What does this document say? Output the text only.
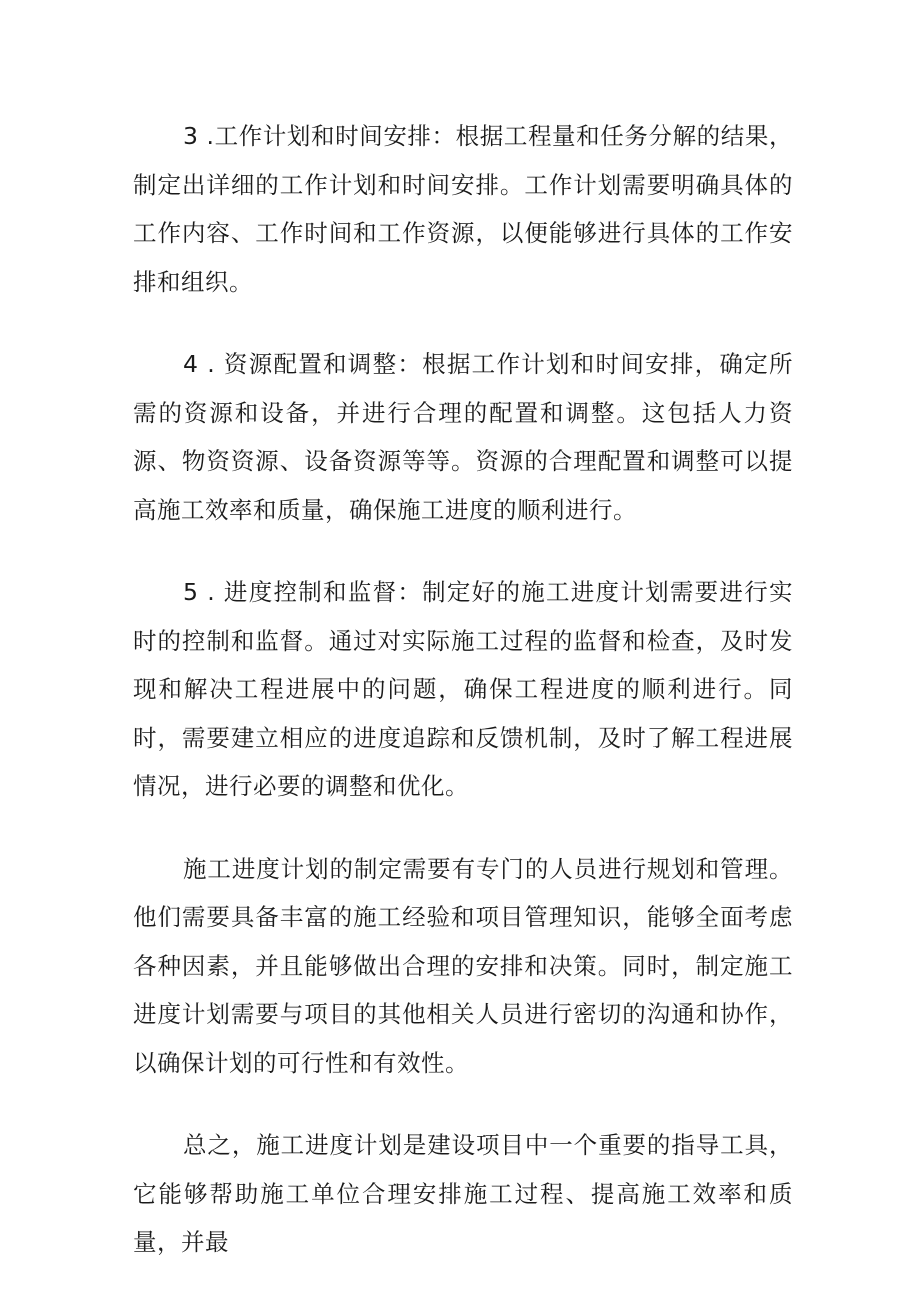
3 .工作计划和时间安排：根据工程量和任务分解的结果，制定出详细的工作计划和时间安排。工作计划需要明确具体的工作内容、工作时间和工作资源，以便能够进行具体的工作安排和组织。

4 . 资源配置和调整：根据工作计划和时间安排，确定所需的资源和设备，并进行合理的配置和调整。这包括人力资源、物资资源、设备资源等等。资源的合理配置和调整可以提高施工效率和质量，确保施工进度的顺利进行。

5 . 进度控制和监督：制定好的施工进度计划需要进行实时的控制和监督。通过对实际施工过程的监督和检查，及时发现和解决工程进展中的问题，确保工程进度的顺利进行。同时，需要建立相应的进度追踪和反馈机制，及时了解工程进展情况，进行必要的调整和优化。

施工进度计划的制定需要有专门的人员进行规划和管理。他们需要具备丰富的施工经验和项目管理知识，能够全面考虑各种因素，并且能够做出合理的安排和决策。同时，制定施工进度计划需要与项目的其他相关人员进行密切的沟通和协作，以确保计划的可行性和有效性。

总之，施工进度计划是建设项目中一个重要的指导工具，它能够帮助施工单位合理安排施工过程、提高施工效率和质量，并最
